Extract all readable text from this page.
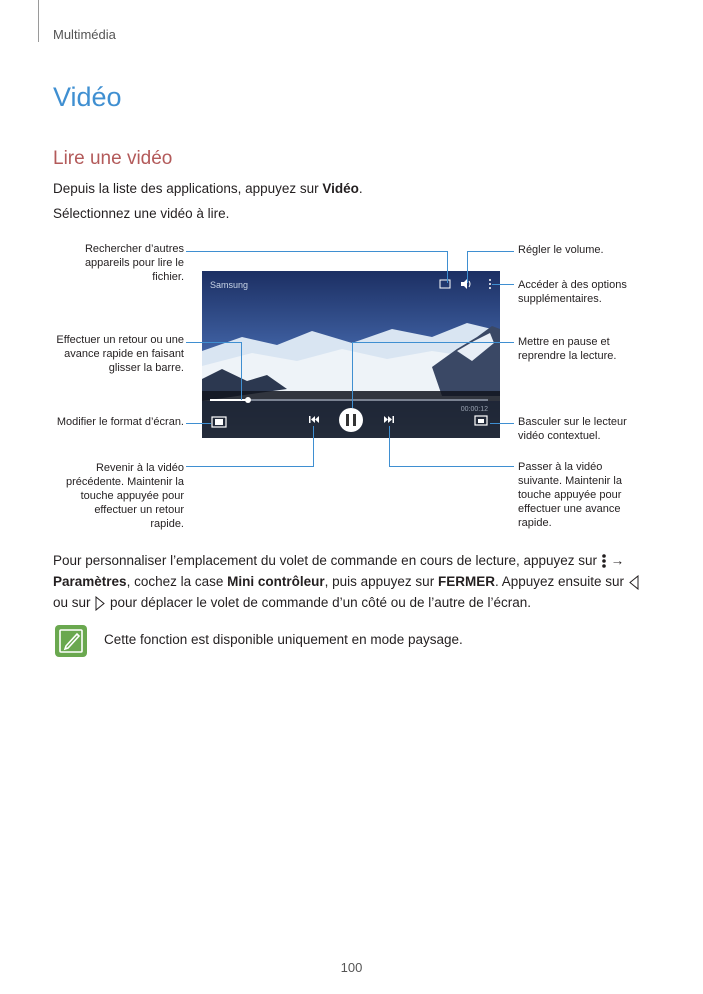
Multimédia
Vidéo
Lire une vidéo
Depuis la liste des applications, appuyez sur Vidéo.
Sélectionnez une vidéo à lire.
Samsung
00:00:12
Rechercher d’autres appareils pour lire le fichier.
Effectuer un retour ou une avance rapide en faisant glisser la barre.
Modifier le format d’écran.
Revenir à la vidéo précédente. Maintenir la touche appuyée pour effectuer un retour rapide.
Régler le volume.
Accéder à des options supplémentaires.
Mettre en pause et reprendre la lecture.
Basculer sur le lecteur vidéo contextuel.
Passer à la vidéo suivante. Maintenir la touche appuyée pour effectuer une avance rapide.
Pour personnaliser l’emplacement du volet de commande en cours de lecture, appuyez sur  → Paramètres, cochez la case Mini contrôleur, puis appuyez sur FERMER. Appuyez ensuite sur  ou sur  pour déplacer le volet de commande d’un côté ou de l’autre de l’écran.
Cette fonction est disponible uniquement en mode paysage.
100
